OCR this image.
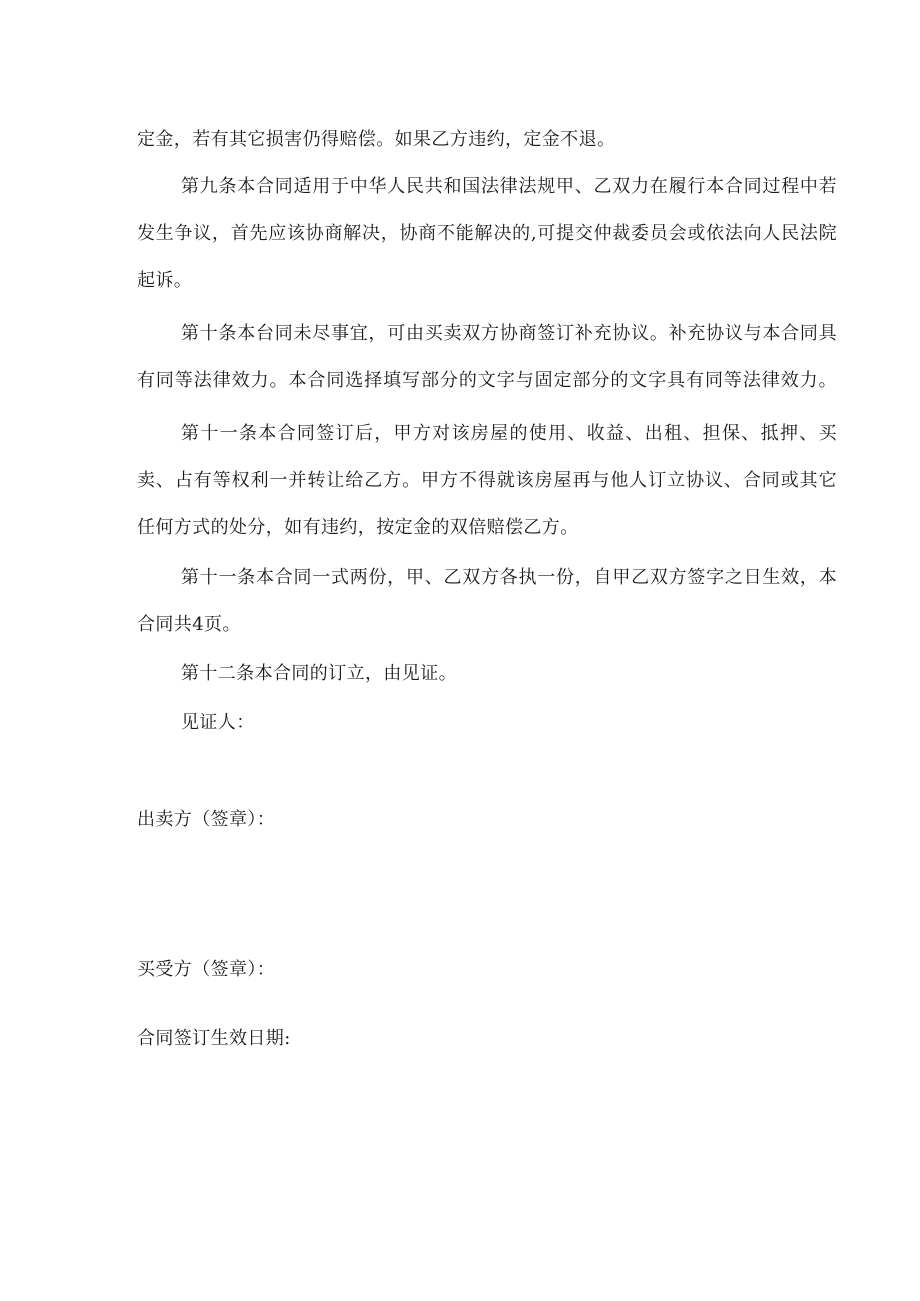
定金，若有其它损害仍得赔偿。如果乙方违约，定金不退。

第九条本合同适用于中华人民共和国法律法规甲、乙双力在履行本合同过程中若

发生争议，首先应该协商解决，协商不能解决的,可提交仲裁委员会或依法向人民法院
起诉。

第十条本台同未尽事宜，可由买卖双方协商签订补充协议。补充协议与本合同具

有同等法律效力。本合同选择填写部分的文字与固定部分的文字具有同等法律效力。

第十一条本合同签订后，甲方对该房屋的使用、收益、出租、担保、抵押、买

卖、占有等权利一并转让给乙方。甲方不得就该房屋再与他人订立协议、合同或其它
任何方式的处分，如有违约，按定金的双倍赔偿乙方。

第十一条本合同一式两份，甲、乙双方各执一份，自甲乙双方签字之日生效，本

合同共4页。

第十二条本合同的订立，由见证。

见证人：

出卖方（签章）：

买受方（签章）：

合同签订生效日期:
